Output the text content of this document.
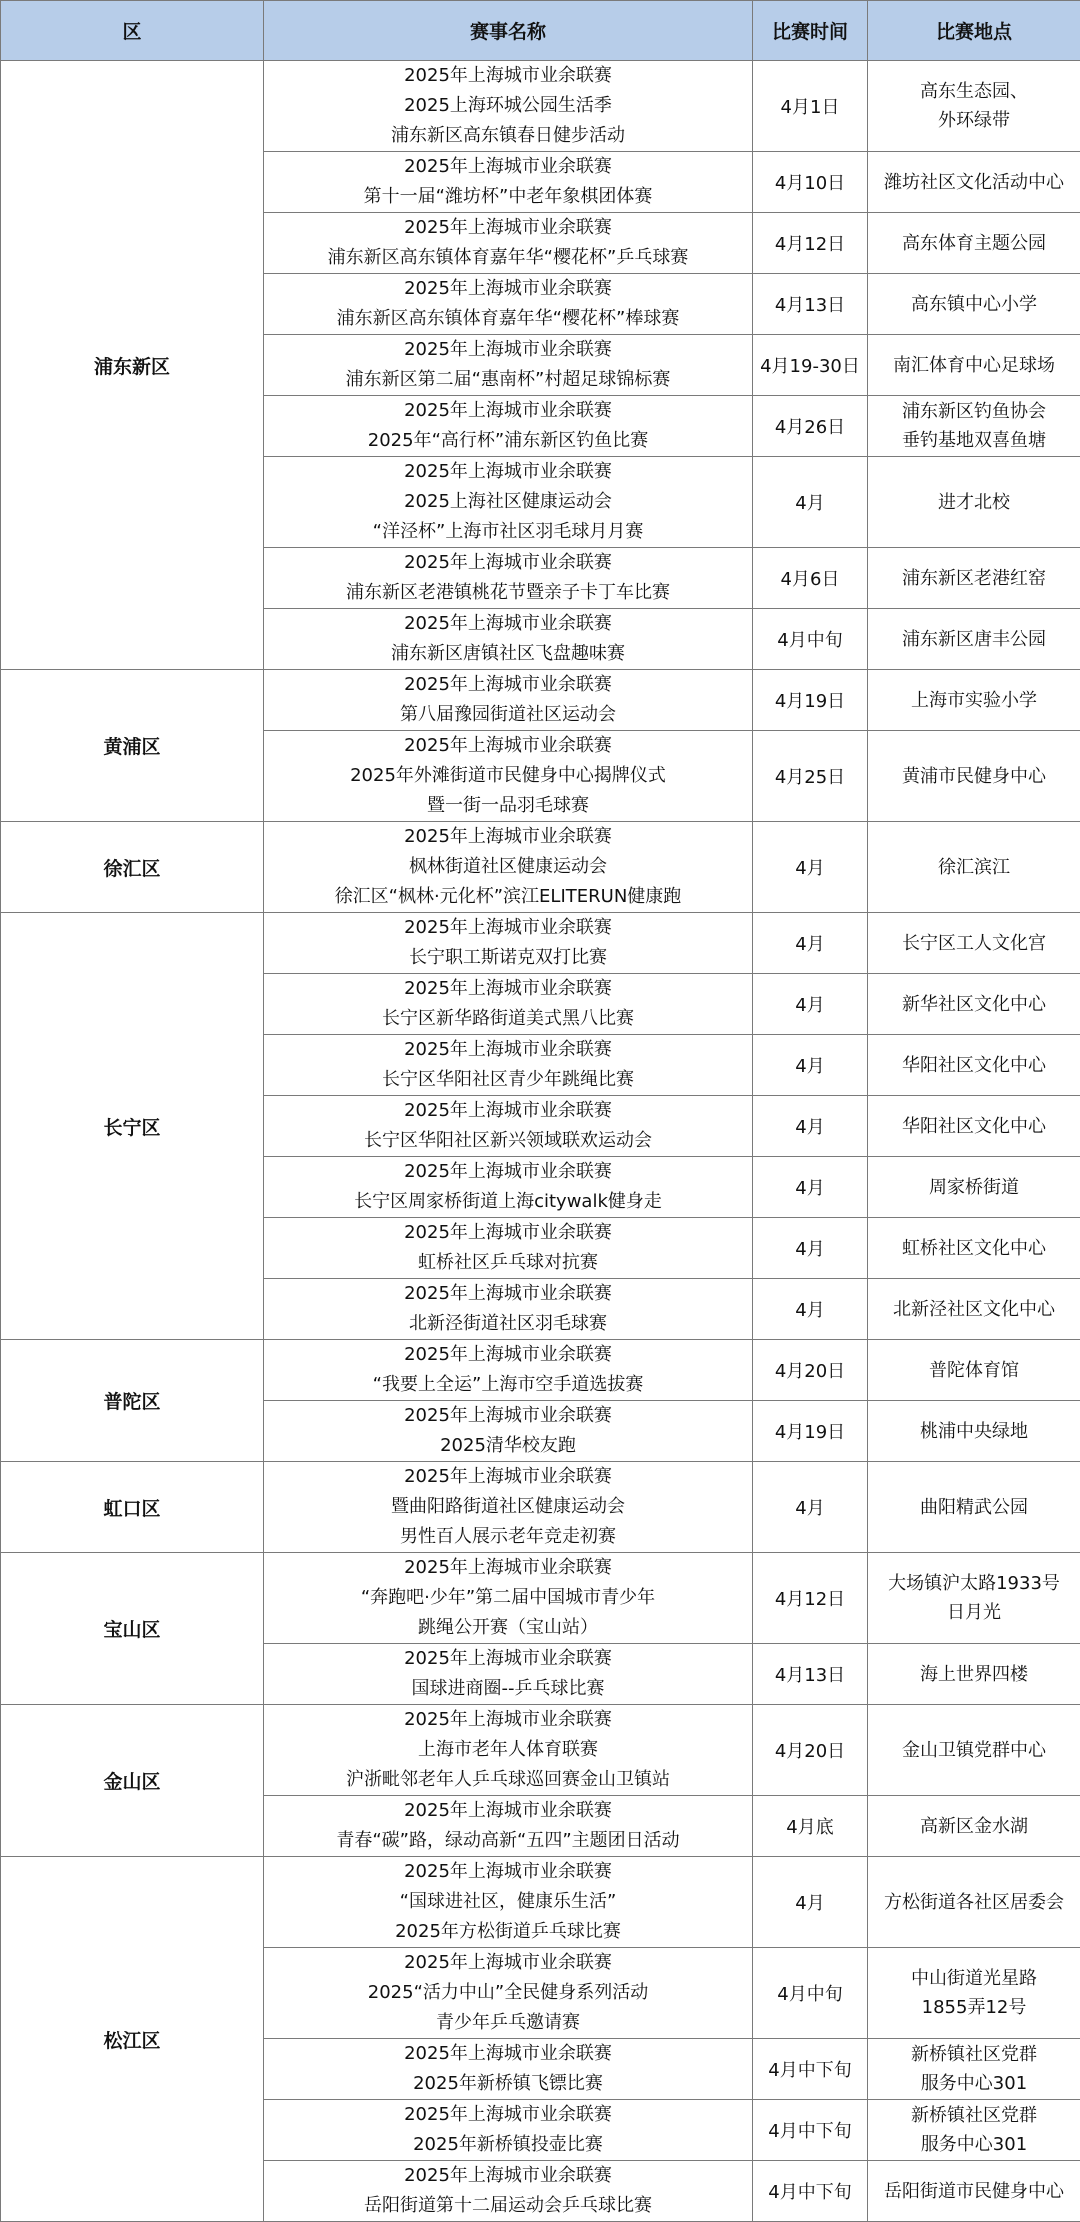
区	赛事名称	比赛时间	比赛地点
浦东新区	2025年上海城市业余联赛
2025上海环城公园生活季
浦东新区高东镇春日健步活动	4月1日	高东生态园、
外环绿带

	2025年上海城市业余联赛
第十一届“潍坊杯”中老年象棋团体赛	4月10日	潍坊社区文化活动中心

	2025年上海城市业余联赛
浦东新区高东镇体育嘉年华“樱花杯”乒乓球赛	4月12日	高东体育主题公园

	2025年上海城市业余联赛
浦东新区高东镇体育嘉年华“樱花杯”棒球赛	4月13日	高东镇中心小学

	2025年上海城市业余联赛
浦东新区第二届“惠南杯”村超足球锦标赛	4月19-30日	南汇体育中心足球场

	2025年上海城市业余联赛
2025年“高行杯”浦东新区钓鱼比赛	4月26日	浦东新区钓鱼协会
垂钓基地双喜鱼塘

	2025年上海城市业余联赛
2025上海社区健康运动会
“洋泾杯”上海市社区羽毛球月月赛	4月	进才北校

	2025年上海城市业余联赛
浦东新区老港镇桃花节暨亲子卡丁车比赛	4月6日	浦东新区老港红窑

	2025年上海城市业余联赛
浦东新区唐镇社区飞盘趣味赛	4月中旬	浦东新区唐丰公园

黄浦区	2025年上海城市业余联赛
第八届豫园街道社区运动会	4月19日	上海市实验小学

	2025年上海城市业余联赛
2025年外滩街道市民健身中心揭牌仪式
暨一街一品羽毛球赛	4月25日	黄浦市民健身中心

徐汇区	2025年上海城市业余联赛
枫林街道社区健康运动会
徐汇区“枫林·元化杯”滨江ELITERUN健康跑	4月	徐汇滨江

长宁区	2025年上海城市业余联赛
长宁职工斯诺克双打比赛	4月	长宁区工人文化宫

	2025年上海城市业余联赛
长宁区新华路街道美式黑八比赛	4月	新华社区文化中心

	2025年上海城市业余联赛
长宁区华阳社区青少年跳绳比赛	4月	华阳社区文化中心

	2025年上海城市业余联赛
长宁区华阳社区新兴领域联欢运动会	4月	华阳社区文化中心

	2025年上海城市业余联赛
长宁区周家桥街道上海citywalk健身走	4月	周家桥街道

	2025年上海城市业余联赛
虹桥社区乒乓球对抗赛	4月	虹桥社区文化中心

	2025年上海城市业余联赛
北新泾街道社区羽毛球赛	4月	北新泾社区文化中心

普陀区	2025年上海城市业余联赛
“我要上全运”上海市空手道选拔赛	4月20日	普陀体育馆

	2025年上海城市业余联赛
2025清华校友跑	4月19日	桃浦中央绿地

虹口区	2025年上海城市业余联赛
暨曲阳路街道社区健康运动会
男性百人展示老年竞走初赛	4月	曲阳精武公园

宝山区	2025年上海城市业余联赛
“奔跑吧·少年”第二届中国城市青少年
跳绳公开赛（宝山站）	4月12日	大场镇沪太路1933号
日月光

	2025年上海城市业余联赛
国球进商圈--乒乓球比赛	4月13日	海上世界四楼

金山区	2025年上海城市业余联赛
上海市老年人体育联赛
沪浙毗邻老年人乒乓球巡回赛金山卫镇站	4月20日	金山卫镇党群中心

	2025年上海城市业余联赛
青春“碳”路，绿动高新“五四”主题团日活动	4月底	高新区金水湖

松江区	2025年上海城市业余联赛
“国球进社区，健康乐生活”
2025年方松街道乒乓球比赛	4月	方松街道各社区居委会

	2025年上海城市业余联赛
2025“活力中山”全民健身系列活动
青少年乒乓邀请赛	4月中旬	中山街道光星路
1855弄12号

	2025年上海城市业余联赛
2025年新桥镇飞镖比赛	4月中下旬	新桥镇社区党群
服务中心301

	2025年上海城市业余联赛
2025年新桥镇投壶比赛	4月中下旬	新桥镇社区党群
服务中心301

	2025年上海城市业余联赛
岳阳街道第十二届运动会乒乓球比赛	4月中下旬	岳阳街道市民健身中心
